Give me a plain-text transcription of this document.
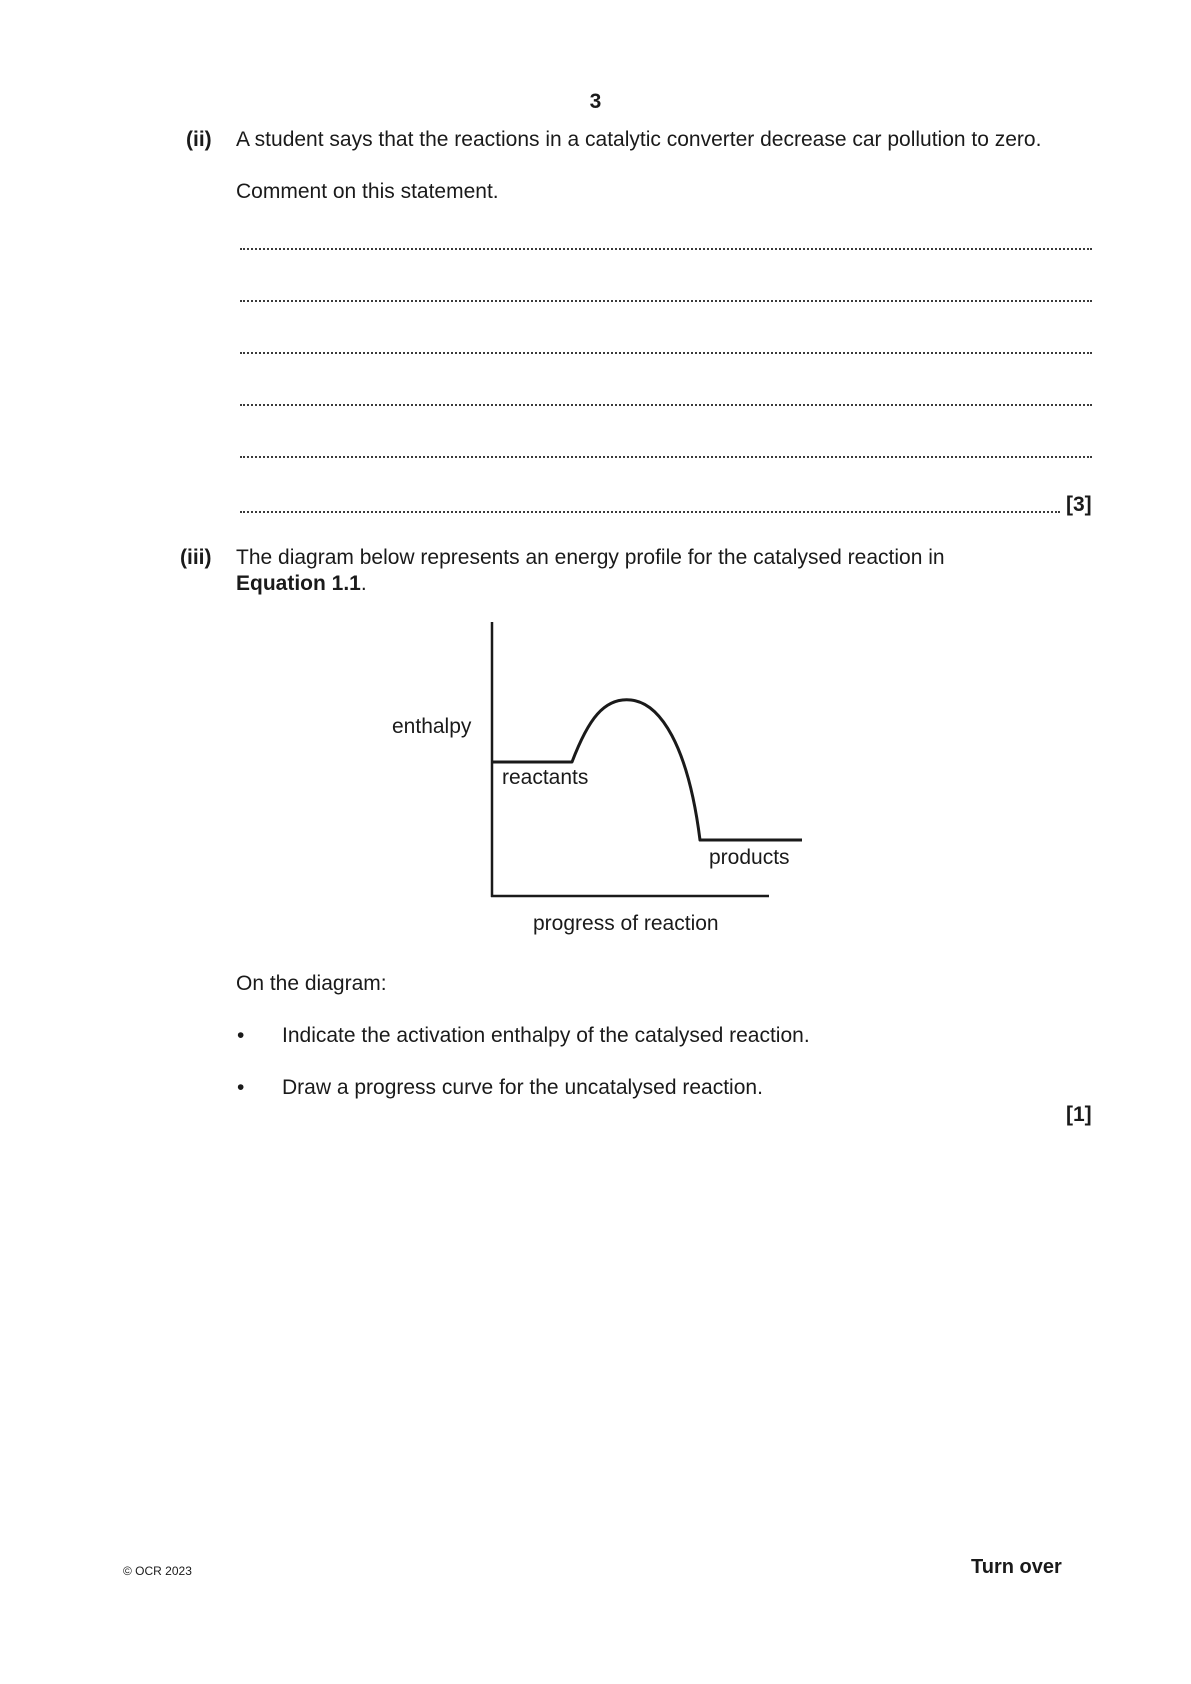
3
(ii) A student says that the reactions in a catalytic converter decrease car pollution to zero.
Comment on this statement.
[3]
(iii) The diagram below represents an energy profile for the catalysed reaction in
Equation 1.1.
enthalpy
reactants
products
progress of reaction
On the diagram:
• Indicate the activation enthalpy of the catalysed reaction.
• Draw a progress curve for the uncatalysed reaction.
[1]
© OCR 2023	Turn over
